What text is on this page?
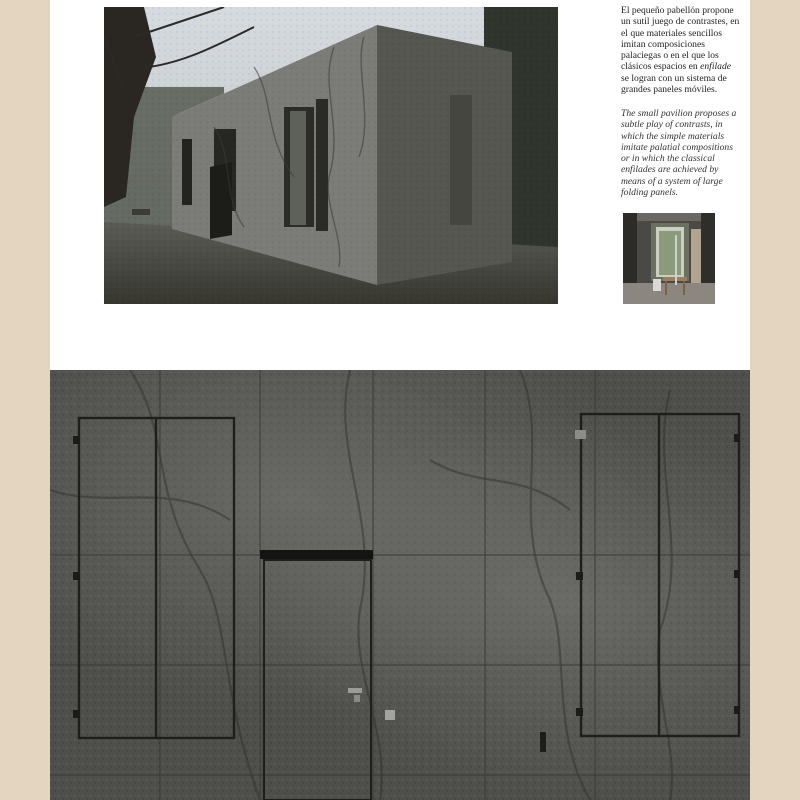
El pequeño pabellón propone un sutil juego de contrastes, en el que materiales sencillos imitan composiciones palaciegas o en el que los clásicos espacios en enfilade se logran con un sistema de grandes paneles móviles.
The small pavilion proposes a subtle play of contrasts, in which the simple materials imitate palatial compositions or in which the classical enfilades are achieved by means of a system of large folding panels.
